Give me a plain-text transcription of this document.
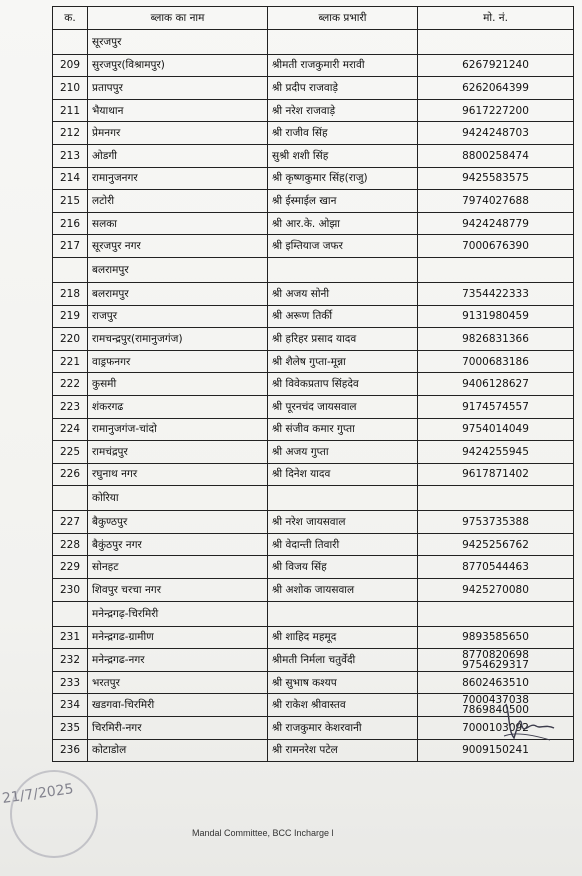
क.	ब्लाक का नाम	ब्लाक प्रभारी	मो. नं.
	सूरजपुर		
209	सुरजपुर(विश्रामपुर)	श्रीमती राजकुमारी मरावी	6267921240
210	प्रतापपुर	श्री प्रदीप राजवाड़े	6262064399
211	भैयाथान	श्री नरेश राजवाड़े	9617227200
212	प्रेमनगर	श्री राजीव सिंह	9424248703
213	ओडगी	सुश्री शशी सिंह	8800258474
214	रामानुजनगर	श्री कृष्णकुमार सिंह(राजु)	9425583575
215	लटोरी	श्री ईस्माईल खान	7974027688
216	सलका	श्री आर.के. ओझा	9424248779
217	सूरजपुर नगर	श्री इम्तियाज जफर	7000676390
	बलरामपुर		
218	बलरामपुर	श्री अजय सोनी	7354422333
219	राजपुर	श्री अरूण तिर्की	9131980459
220	रामचन्द्रपुर(रामानुजगंज)	श्री हरिहर प्रसाद यादव	9826831366
221	वाड्रफनगर	श्री शैलेष गुप्ता-मून्ना	7000683186
222	कुसमी	श्री विवेकप्रताप सिंहदेव	9406128627
223	शंकरगढ	श्री पूरनचंद जायसवाल	9174574557
224	रामानुजगंज-चांदो	श्री संजीव कमार गुप्ता	9754014049
225	रामचंद्रपुर	श्री अजय गुप्ता	9424255945
226	रघुनाथ नगर	श्री दिनेश यादव	9617871402
	कोरिया		
227	बैकुण्ठपुर	श्री नरेश जायसवाल	9753735388
228	बैकुंठपुर नगर	श्री वेदान्ती तिवारी	9425256762
229	सोनहट	श्री विजय सिंह	8770544463
230	शिवपुर चरचा नगर	श्री अशोक जायसवाल	9425270080
	मनेन्द्रगढ़-चिरमिरी		
231	मनेन्द्रगढ-ग्रामीण	श्री शाहिद महमूद	9893585650
232	मनेन्द्रगढ-नगर	श्रीमती निर्मला चतुर्वेदी	8770820698
9754629317

233	भरतपुर	श्री सुभाष कश्यप	8602463510
234	खडगवा-चिरमिरी	श्री राकेश श्रीवास्तव	7000437038
7869840500

235	चिरमिरी-नगर	श्री राजकुमार केशरवानी	7000103092
236	कोटाडोल	श्री रामनरेश पटेल	9009150241
21/7/2025
Mandal Committee, BCC Incharge l
